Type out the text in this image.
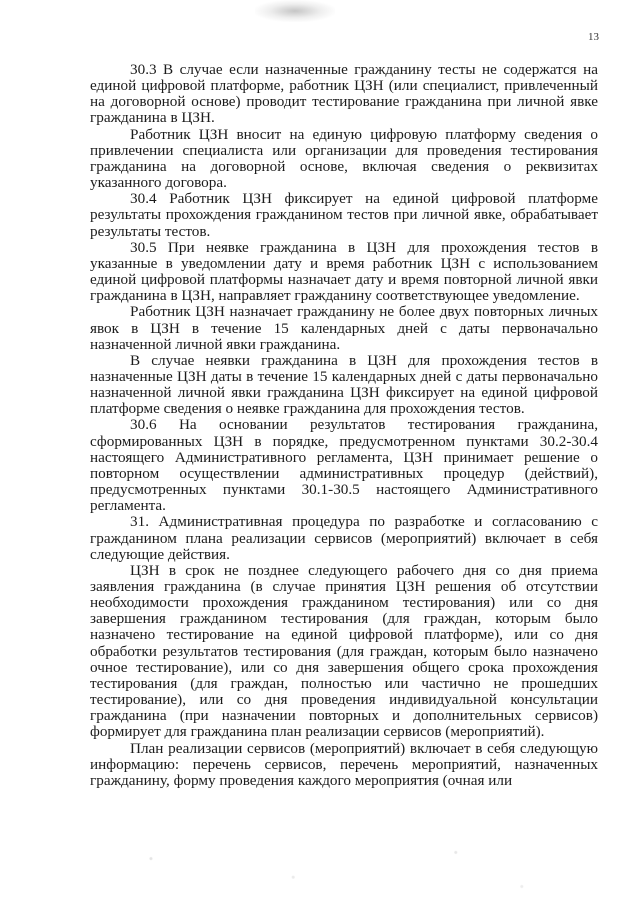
13

30.3 В случае если назначенные гражданину тесты не содержатся на единой цифровой платформе, работник ЦЗН (или специалист, привлеченный на договорной основе) проводит тестирование гражданина при личной явке гражданина в ЦЗН.

Работник ЦЗН вносит на единую цифровую платформу сведения о привлечении специалиста или организации для проведения тестирования гражданина на договорной основе, включая сведения о реквизитах указанного договора.

30.4 Работник ЦЗН фиксирует на единой цифровой платформе результаты прохождения гражданином тестов при личной явке, обрабатывает результаты тестов.

30.5 При неявке гражданина в ЦЗН для прохождения тестов в указанные в уведомлении дату и время работник ЦЗН с использованием единой цифровой платформы назначает дату и время повторной личной явки гражданина в ЦЗН, направляет гражданину соответствующее уведомление.

Работник ЦЗН назначает гражданину не более двух повторных личных явок в ЦЗН в течение 15 календарных дней с даты первоначально назначенной личной явки гражданина.

В случае неявки гражданина в ЦЗН для прохождения тестов в назначенные ЦЗН даты в течение 15 календарных дней с даты первоначально назначенной личной явки гражданина ЦЗН фиксирует на единой цифровой платформе сведения о неявке гражданина для прохождения тестов.

30.6 На основании результатов тестирования гражданина, сформированных ЦЗН в порядке, предусмотренном пунктами 30.2-30.4 настоящего Административного регламента, ЦЗН принимает решение о повторном осуществлении административных процедур (действий), предусмотренных пунктами 30.1-30.5 настоящего Административного регламента.

31. Административная процедура по разработке и согласованию с гражданином плана реализации сервисов (мероприятий) включает в себя следующие действия.

ЦЗН в срок не позднее следующего рабочего дня со дня приема заявления гражданина (в случае принятия ЦЗН решения об отсутствии необходимости прохождения гражданином тестирования) или со дня завершения гражданином тестирования (для граждан, которым было назначено тестирование на единой цифровой платформе), или со дня обработки результатов тестирования (для граждан, которым было назначено очное тестирование), или со дня завершения общего срока прохождения тестирования (для граждан, полностью или частично не прошедших тестирование), или со дня проведения индивидуальной консультации гражданина (при назначении повторных и дополнительных сервисов) формирует для гражданина план реализации сервисов (мероприятий).

План реализации сервисов (мероприятий) включает в себя следующую информацию: перечень сервисов, перечень мероприятий, назначенных гражданину, форму проведения каждого мероприятия (очная или
